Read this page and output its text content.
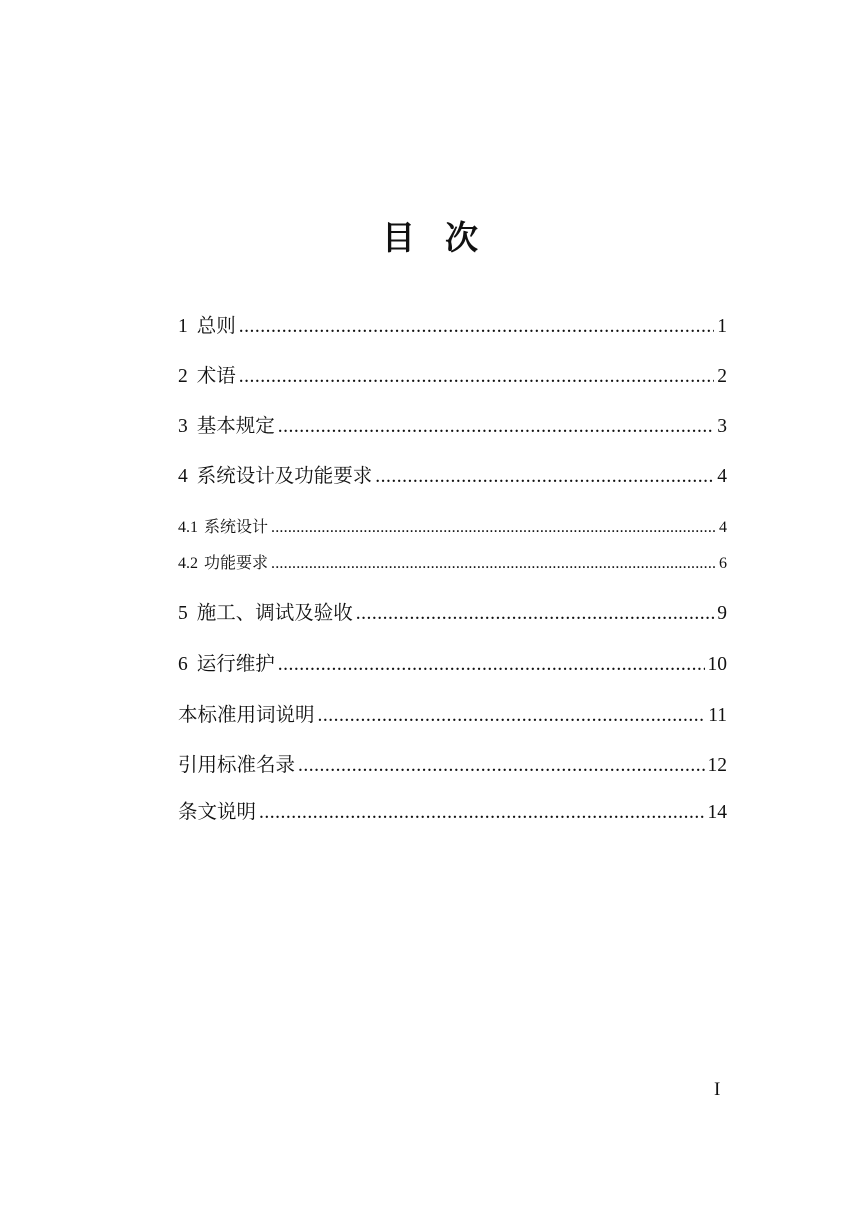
目次
1 总则 .....	1
2 术语 .....	2
3 基本规定 .....	3
4 系统设计及功能要求 .....	4
4.1 系统设计 .....	4
4.2 功能要求 .....	6
5 施工、调试及验收 .....	9
6 运行维护 .....	10
本标准用词说明 .....	11
引用标准名录 .....	12
条文说明 .....	14
I
